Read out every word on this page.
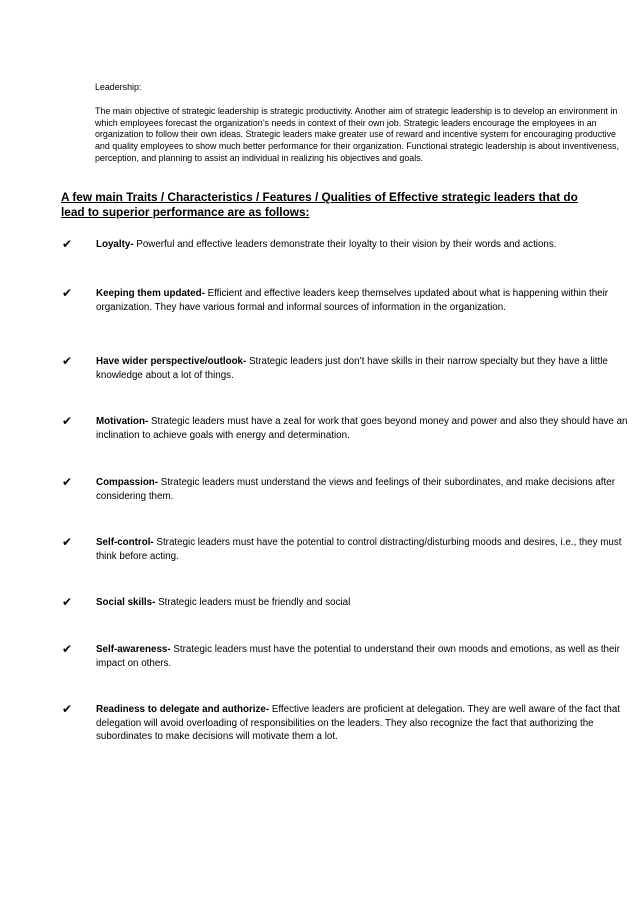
Leadership:

The main objective of strategic leadership is strategic productivity. Another aim of strategic leadership is to develop an environment in which employees forecast the organization’s needs in context of their own job. Strategic leaders encourage the employees in an organization to follow their own ideas. Strategic leaders make greater use of reward and incentive system for encouraging productive and quality employees to show much better performance for their organization. Functional strategic leadership is about inventiveness, perception, and planning to assist an individual in realizing his objectives and goals.

A few main Traits / Characteristics / Features / Qualities of Effective strategic leaders that do lead to superior performance are as follows:
✔ Loyalty- Powerful and effective leaders demonstrate their loyalty to their vision by their words and actions.
✔ Keeping them updated- Efficient and effective leaders keep themselves updated about what is happening within their organization. They have various formal and informal sources of information in the organization.
✔ Have wider perspective/outlook- Strategic leaders just don’t have skills in their narrow specialty but they have a little knowledge about a lot of things.
✔ Motivation- Strategic leaders must have a zeal for work that goes beyond money and power and also they should have an inclination to achieve goals with energy and determination.
✔ Compassion- Strategic leaders must understand the views and feelings of their subordinates, and make decisions after considering them.
✔ Self-control- Strategic leaders must have the potential to control distracting/disturbing moods and desires, i.e., they must think before acting.
✔ Social skills- Strategic leaders must be friendly and social
✔ Self-awareness- Strategic leaders must have the potential to understand their own moods and emotions, as well as their impact on others.
✔ Readiness to delegate and authorize- Effective leaders are proficient at delegation. They are well aware of the fact that delegation will avoid overloading of responsibilities on the leaders. They also recognize the fact that authorizing the subordinates to make decisions will motivate them a lot.
